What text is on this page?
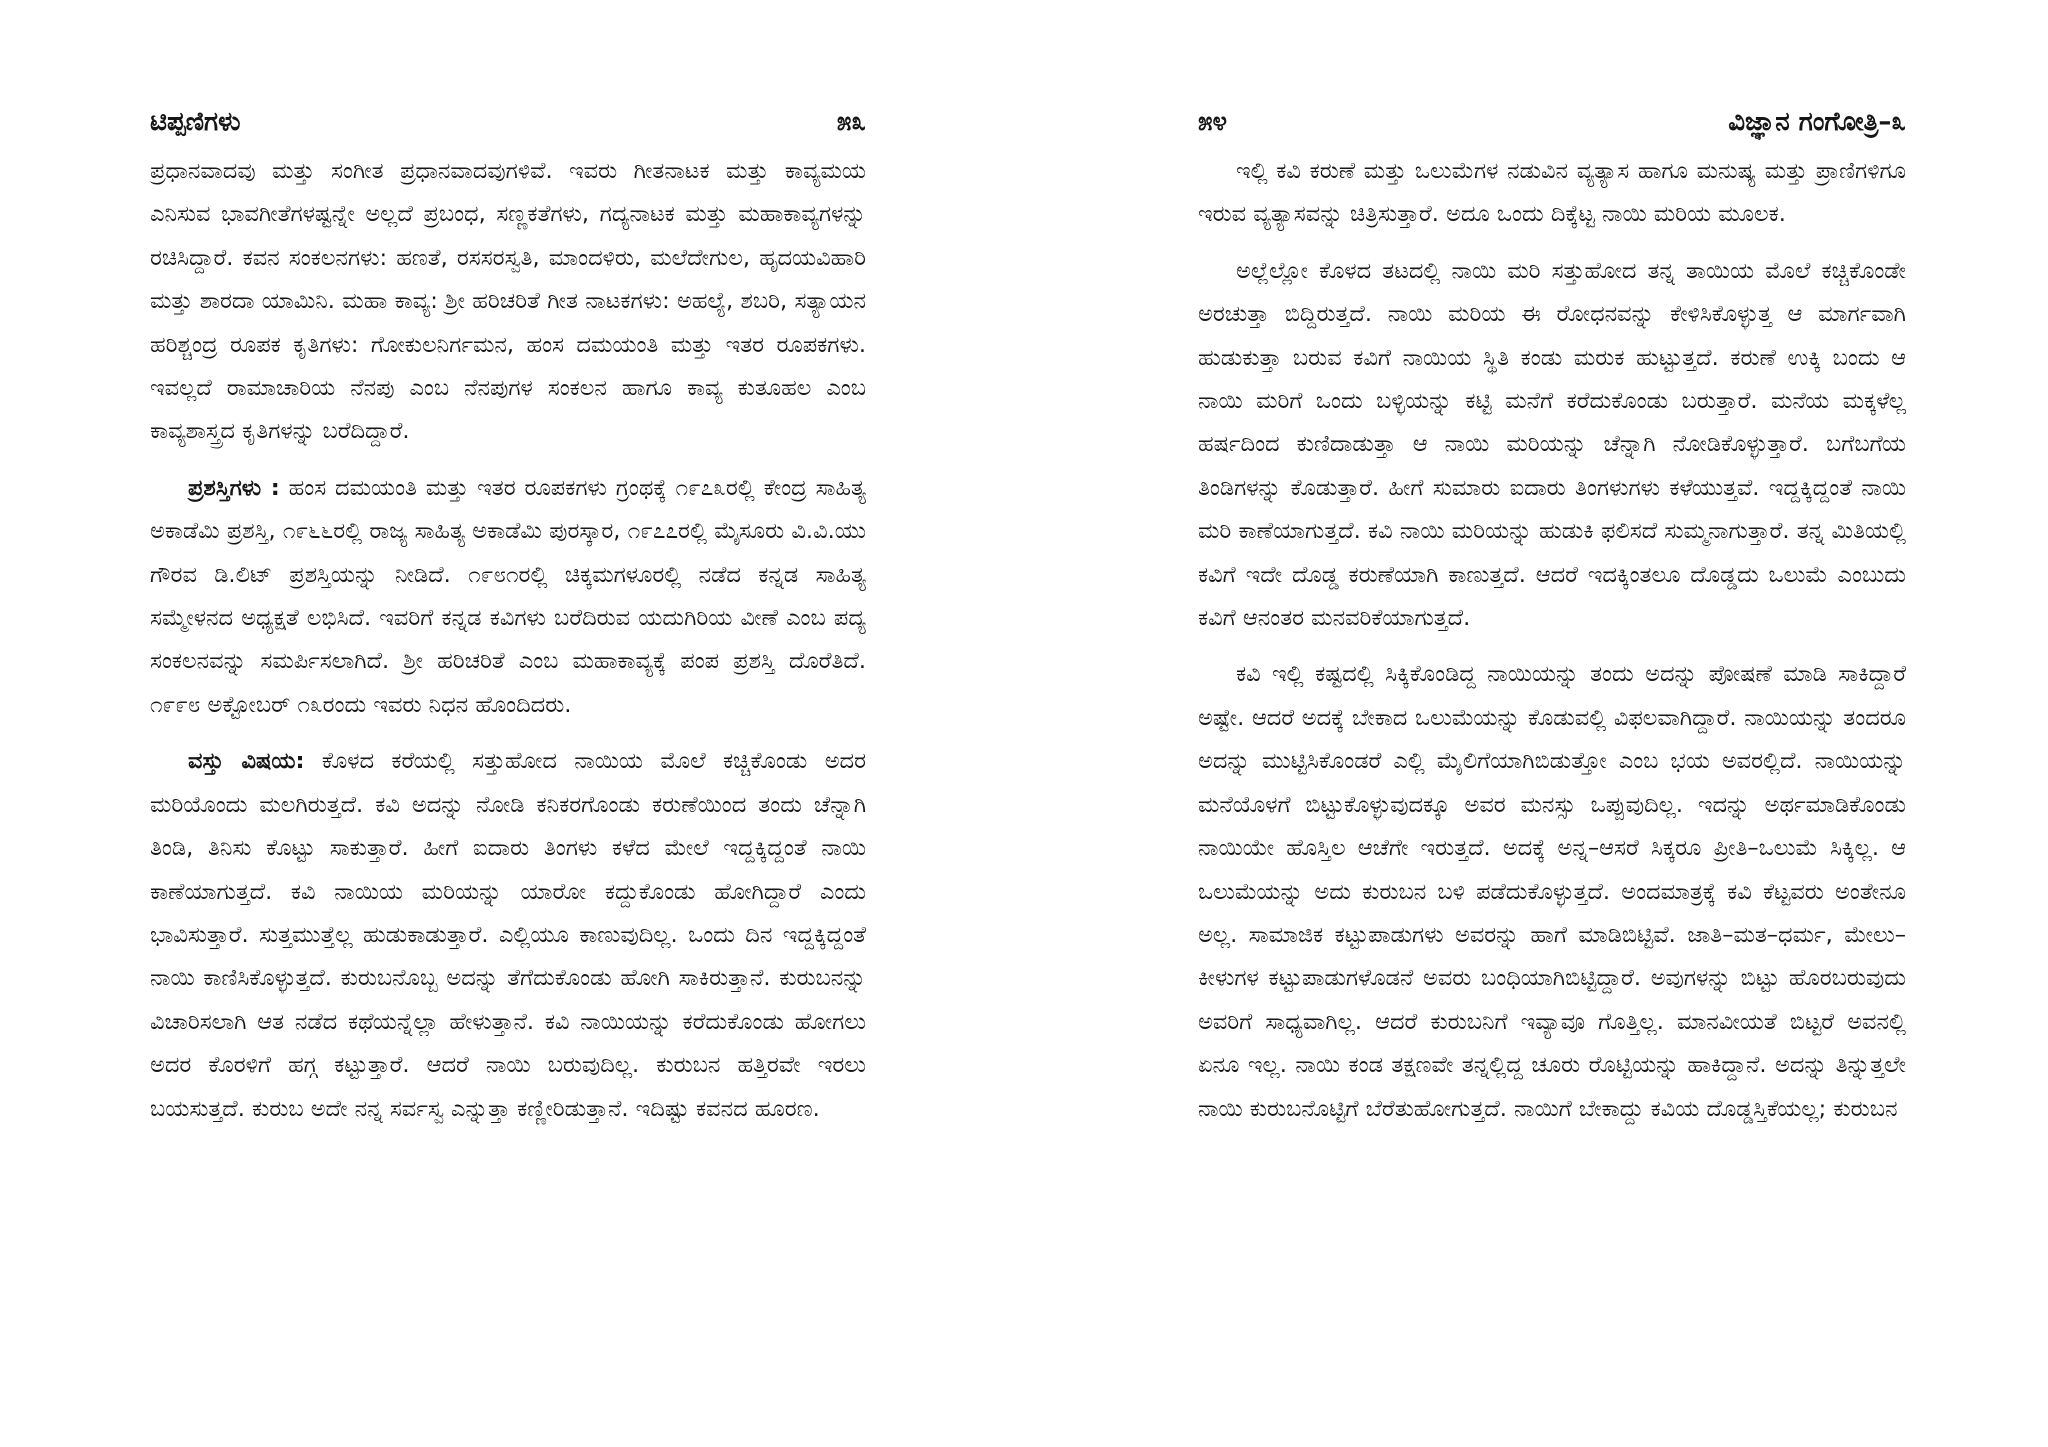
ಟಿಪ್ಪಣಿಗಳು	೫೩

ಪ್ರಧಾನವಾದವು ಮತ್ತು ಸಂಗೀತ ಪ್ರಧಾನವಾದವುಗಳಿವೆ. ಇವರು ಗೀತನಾಟಕ ಮತ್ತು ಕಾವ್ಯಮಯ ಎನಿಸುವ ಭಾವಗೀತೆಗಳಷ್ಟನ್ನೇ ಅಲ್ಲದೆ ಪ್ರಬಂಧ, ಸಣ್ಣಕತೆಗಳು, ಗದ್ಯನಾಟಕ ಮತ್ತು ಮಹಾಕಾವ್ಯಗಳನ್ನು ರಚಿಸಿದ್ದಾರೆ. ಕವನ ಸಂಕಲನಗಳು: ಹಣತೆ, ರಸಸರಸ್ವತಿ, ಮಾಂದಳಿರು, ಮಲೆದೇಗುಲ, ಹೃದಯವಿಹಾರಿ ಮತ್ತು ಶಾರದಾ ಯಾಮಿನಿ. ಮಹಾ ಕಾವ್ಯ: ಶ್ರೀ ಹರಿಚರಿತೆ ಗೀತ ನಾಟಕಗಳು: ಅಹಲ್ಯೆ, ಶಬರಿ, ಸತ್ಯಾಯನ ಹರಿಶ್ಚಂದ್ರ ರೂಪಕ ಕೃತಿಗಳು: ಗೋಕುಲನಿರ್ಗಮನ, ಹಂಸ ದಮಯಂತಿ ಮತ್ತು ಇತರ ರೂಪಕಗಳು. ಇವಲ್ಲದೆ ರಾಮಾಚಾರಿಯ ನೆನಪು ಎಂಬ ನೆನಪುಗಳ ಸಂಕಲನ ಹಾಗೂ ಕಾವ್ಯ ಕುತೂಹಲ ಎಂಬ ಕಾವ್ಯಶಾಸ್ತ್ರದ ಕೃತಿಗಳನ್ನು ಬರೆದಿದ್ದಾರೆ.

ಪ್ರಶಸ್ತಿಗಳು : ಹಂಸ ದಮಯಂತಿ ಮತ್ತು ಇತರ ರೂಪಕಗಳು ಗ್ರಂಥಕ್ಕೆ ೧೯೭೩ರಲ್ಲಿ ಕೇಂದ್ರ ಸಾಹಿತ್ಯ ಅಕಾಡೆಮಿ ಪ್ರಶಸ್ತಿ, ೧೯೬೬ರಲ್ಲಿ ರಾಜ್ಯ ಸಾಹಿತ್ಯ ಅಕಾಡೆಮಿ ಪುರಸ್ಕಾರ, ೧೯೭೭ರಲ್ಲಿ ಮೈಸೂರು ವಿ.ವಿ.ಯು ಗೌರವ ಡಿ.ಲಿಟ್ ಪ್ರಶಸ್ತಿಯನ್ನು ನೀಡಿದೆ. ೧೯೮೧ರಲ್ಲಿ ಚಿಕ್ಕಮಗಳೂರಲ್ಲಿ ನಡೆದ ಕನ್ನಡ ಸಾಹಿತ್ಯ ಸಮ್ಮೇಳನದ ಅಧ್ಯಕ್ಷತೆ ಲಭಿಸಿದೆ. ಇವರಿಗೆ ಕನ್ನಡ ಕವಿಗಳು ಬರೆದಿರುವ ಯದುಗಿರಿಯ ವೀಣೆ ಎಂಬ ಪದ್ಯ ಸಂಕಲನವನ್ನು ಸಮರ್ಪಿಸಲಾಗಿದೆ. ಶ್ರೀ ಹರಿಚರಿತೆ ಎಂಬ ಮಹಾಕಾವ್ಯಕ್ಕೆ ಪಂಪ ಪ್ರಶಸ್ತಿ ದೊರೆತಿದೆ. ೧೯೯೮ ಅಕ್ಟೋಬರ್ ೧೩ರಂದು ಇವರು ನಿಧನ ಹೊಂದಿದರು.

ವಸ್ತು ವಿಷಯ: ಕೊಳದ ಕರೆಯಲ್ಲಿ ಸತ್ತುಹೋದ ನಾಯಿಯ ಮೊಲೆ ಕಚ್ಚಿಕೊಂಡು ಅದರ ಮರಿಯೊಂದು ಮಲಗಿರುತ್ತದೆ. ಕವಿ ಅದನ್ನು ನೋಡಿ ಕನಿಕರಗೊಂಡು ಕರುಣೆಯಿಂದ ತಂದು ಚೆನ್ನಾಗಿ ತಿಂಡಿ, ತಿನಿಸು ಕೊಟ್ಟು ಸಾಕುತ್ತಾರೆ. ಹೀಗೆ ಐದಾರು ತಿಂಗಳು ಕಳೆದ ಮೇಲೆ ಇದ್ದಕ್ಕಿದ್ದಂತೆ ನಾಯಿ ಕಾಣೆಯಾಗುತ್ತದೆ. ಕವಿ ನಾಯಿಯ ಮರಿಯನ್ನು ಯಾರೋ ಕದ್ದುಕೊಂಡು ಹೋಗಿದ್ದಾರೆ ಎಂದು ಭಾವಿಸುತ್ತಾರೆ. ಸುತ್ತಮುತ್ತೆಲ್ಲ ಹುಡುಕಾಡುತ್ತಾರೆ. ಎಲ್ಲಿಯೂ ಕಾಣುವುದಿಲ್ಲ. ಒಂದು ದಿನ ಇದ್ದಕ್ಕಿದ್ದಂತೆ ನಾಯಿ ಕಾಣಿಸಿಕೊಳ್ಳುತ್ತದೆ. ಕುರುಬನೊಬ್ಬ ಅದನ್ನು ತೆಗೆದುಕೊಂಡು ಹೋಗಿ ಸಾಕಿರುತ್ತಾನೆ. ಕುರುಬನನ್ನು ವಿಚಾರಿಸಲಾಗಿ ಆತ ನಡೆದ ಕಥೆಯನ್ನೆಲ್ಲಾ ಹೇಳುತ್ತಾನೆ. ಕವಿ ನಾಯಿಯನ್ನು ಕರೆದುಕೊಂಡು ಹೋಗಲು ಅದರ ಕೊರಳಿಗೆ ಹಗ್ಗ ಕಟ್ಟುತ್ತಾರೆ. ಆದರೆ ನಾಯಿ ಬರುವುದಿಲ್ಲ. ಕುರುಬನ ಹತ್ತಿರವೇ ಇರಲು ಬಯಸುತ್ತದೆ. ಕುರುಬ ಅದೇ ನನ್ನ ಸರ್ವಸ್ವ ಎನ್ನುತ್ತಾ ಕಣ್ಣೀರಿಡುತ್ತಾನೆ. ಇದಿಷ್ಟು ಕವನದ ಹೂರಣ.

೫೪	ವಿಜ್ಞಾನ ಗಂಗೋತ್ರಿ–೩

ಇಲ್ಲಿ ಕವಿ ಕರುಣೆ ಮತ್ತು ಒಲುಮೆಗಳ ನಡುವಿನ ವ್ಯತ್ಯಾಸ ಹಾಗೂ ಮನುಷ್ಯ ಮತ್ತು ಪ್ರಾಣಿಗಳಿಗೂ ಇರುವ ವ್ಯತ್ಯಾಸವನ್ನು ಚಿತ್ರಿಸುತ್ತಾರೆ. ಅದೂ ಒಂದು ದಿಕ್ಕೆಟ್ಟ ನಾಯಿ ಮರಿಯ ಮೂಲಕ.

ಅಲ್ಲೆಲ್ಲೋ ಕೊಳದ ತಟದಲ್ಲಿ ನಾಯಿ ಮರಿ ಸತ್ತುಹೋದ ತನ್ನ ತಾಯಿಯ ಮೊಲೆ ಕಚ್ಚಿಕೊಂಡೇ ಅರಚುತ್ತಾ ಬಿದ್ದಿರುತ್ತದೆ. ನಾಯಿ ಮರಿಯ ಈ ರೋಧನವನ್ನು ಕೇಳಿಸಿಕೊಳ್ಳುತ್ತ ಆ ಮಾರ್ಗವಾಗಿ ಹುಡುಕುತ್ತಾ ಬರುವ ಕವಿಗೆ ನಾಯಿಯ ಸ್ಥಿತಿ ಕಂಡು ಮರುಕ ಹುಟ್ಟುತ್ತದೆ. ಕರುಣೆ ಉಕ್ಕಿ ಬಂದು ಆ ನಾಯಿ ಮರಿಗೆ ಒಂದು ಬಳ್ಳಿಯನ್ನು ಕಟ್ಟಿ ಮನೆಗೆ ಕರೆದುಕೊಂಡು ಬರುತ್ತಾರೆ. ಮನೆಯ ಮಕ್ಕಳೆಲ್ಲ ಹರ್ಷದಿಂದ ಕುಣಿದಾಡುತ್ತಾ ಆ ನಾಯಿ ಮರಿಯನ್ನು ಚೆನ್ನಾಗಿ ನೋಡಿಕೊಳ್ಳುತ್ತಾರೆ. ಬಗೆಬಗೆಯ ತಿಂಡಿಗಳನ್ನು ಕೊಡುತ್ತಾರೆ. ಹೀಗೆ ಸುಮಾರು ಐದಾರು ತಿಂಗಳುಗಳು ಕಳೆಯುತ್ತವೆ. ಇದ್ದಕ್ಕಿದ್ದಂತೆ ನಾಯಿ ಮರಿ ಕಾಣೆಯಾಗುತ್ತದೆ. ಕವಿ ನಾಯಿ ಮರಿಯನ್ನು ಹುಡುಕಿ ಫಲಿಸದೆ ಸುಮ್ಮನಾಗುತ್ತಾರೆ. ತನ್ನ ಮಿತಿಯಲ್ಲಿ ಕವಿಗೆ ಇದೇ ದೊಡ್ಡ ಕರುಣೆಯಾಗಿ ಕಾಣುತ್ತದೆ. ಆದರೆ ಇದಕ್ಕಿಂತಲೂ ದೊಡ್ಡದು ಒಲುಮೆ ಎಂಬುದು ಕವಿಗೆ ಆನಂತರ ಮನವರಿಕೆಯಾಗುತ್ತದೆ.

ಕವಿ ಇಲ್ಲಿ ಕಷ್ಟದಲ್ಲಿ ಸಿಕ್ಕಿಕೊಂಡಿದ್ದ ನಾಯಿಯನ್ನು ತಂದು ಅದನ್ನು ಪೋಷಣೆ ಮಾಡಿ ಸಾಕಿದ್ದಾರೆ ಅಷ್ಟೇ. ಆದರೆ ಅದಕ್ಕೆ ಬೇಕಾದ ಒಲುಮೆಯನ್ನು ಕೊಡುವಲ್ಲಿ ವಿಫಲವಾಗಿದ್ದಾರೆ. ನಾಯಿಯನ್ನು ತಂದರೂ ಅದನ್ನು ಮುಟ್ಟಿಸಿಕೊಂಡರೆ ಎಲ್ಲಿ ಮೈಲಿಗೆಯಾಗಿಬಿಡುತ್ತೋ ಎಂಬ ಭಯ ಅವರಲ್ಲಿದೆ. ನಾಯಿಯನ್ನು ಮನೆಯೊಳಗೆ ಬಿಟ್ಟುಕೊಳ್ಳುವುದಕ್ಕೂ ಅವರ ಮನಸ್ಸು ಒಪ್ಪುವುದಿಲ್ಲ. ಇದನ್ನು ಅರ್ಥಮಾಡಿಕೊಂಡು ನಾಯಿಯೇ ಹೊಸ್ತಿಲ ಆಚೆಗೇ ಇರುತ್ತದೆ. ಅದಕ್ಕೆ ಅನ್ನ–ಆಸರೆ ಸಿಕ್ಕರೂ ಪ್ರೀತಿ–ಒಲುಮೆ ಸಿಕ್ಕಿಲ್ಲ. ಆ ಒಲುಮೆಯನ್ನು ಅದು ಕುರುಬನ ಬಳಿ ಪಡೆದುಕೊಳ್ಳುತ್ತದೆ. ಅಂದಮಾತ್ರಕ್ಕೆ ಕವಿ ಕೆಟ್ಟವರು ಅಂತೇನೂ ಅಲ್ಲ. ಸಾಮಾಜಿಕ ಕಟ್ಟುಪಾಡುಗಳು ಅವರನ್ನು ಹಾಗೆ ಮಾಡಿಬಿಟ್ಟಿವೆ. ಜಾತಿ–ಮತ–ಧರ್ಮ, ಮೇಲು–ಕೀಳುಗಳ ಕಟ್ಟುಪಾಡುಗಳೊಡನೆ ಅವರು ಬಂಧಿಯಾಗಿಬಿಟ್ಟಿದ್ದಾರೆ. ಅವುಗಳನ್ನು ಬಿಟ್ಟು ಹೊರಬರುವುದು ಅವರಿಗೆ ಸಾಧ್ಯವಾಗಿಲ್ಲ. ಆದರೆ ಕುರುಬನಿಗೆ ಇವ್ಯಾವೂ ಗೊತ್ತಿಲ್ಲ. ಮಾನವೀಯತೆ ಬಿಟ್ಟರೆ ಅವನಲ್ಲಿ ಏನೂ ಇಲ್ಲ. ನಾಯಿ ಕಂಡ ತಕ್ಷಣವೇ ತನ್ನಲ್ಲಿದ್ದ ಚೂರು ರೊಟ್ಟಿಯನ್ನು ಹಾಕಿದ್ದಾನೆ. ಅದನ್ನು ತಿನ್ನುತ್ತಲೇ ನಾಯಿ ಕುರುಬನೊಟ್ಟಿಗೆ ಬೆರೆತುಹೋಗುತ್ತದೆ. ನಾಯಿಗೆ ಬೇಕಾದ್ದು ಕವಿಯ ದೊಡ್ಡಸ್ತಿಕೆಯಲ್ಲ; ಕುರುಬನ
